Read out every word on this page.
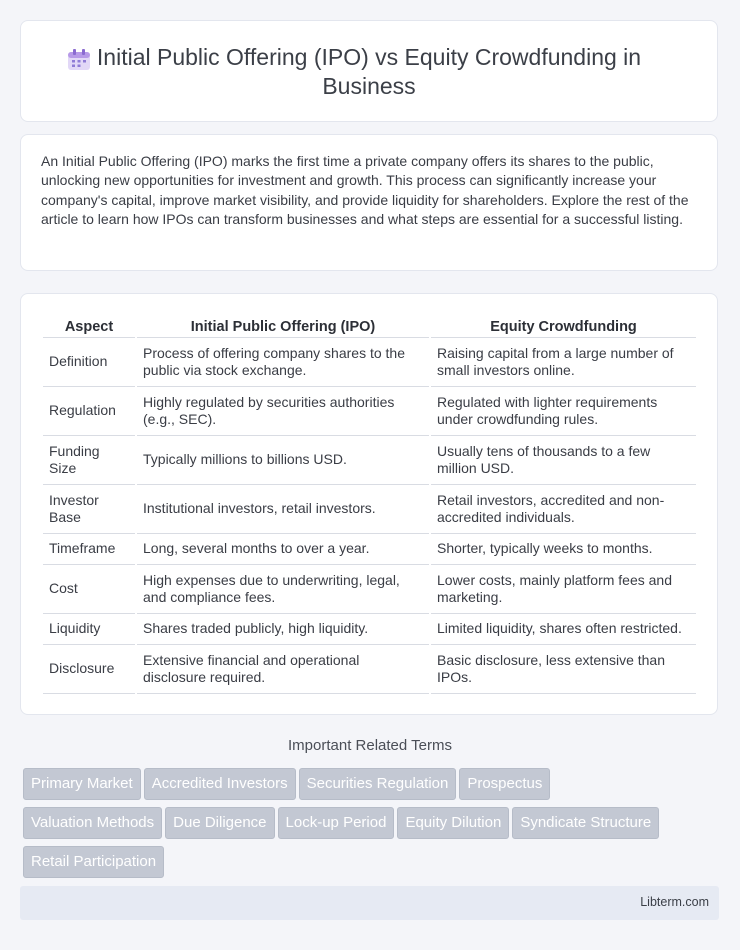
Initial Public Offering (IPO) vs Equity Crowdfunding in Business

An Initial Public Offering (IPO) marks the first time a private company offers its shares to the public, unlocking new opportunities for investment and growth. This process can significantly increase your company's capital, improve market visibility, and provide liquidity for shareholders. Explore the rest of the article to learn how IPOs can transform businesses and what steps are essential for a successful listing.

Aspect	Initial Public Offering (IPO)	Equity Crowdfunding
Definition	Process of offering company shares to the public via stock exchange.	Raising capital from a large number of small investors online.
Regulation	Highly regulated by securities authorities (e.g., SEC).	Regulated with lighter requirements under crowdfunding rules.
Funding Size	Typically millions to billions USD.	Usually tens of thousands to a few million USD.
Investor Base	Institutional investors, retail investors.	Retail investors, accredited and non-accredited individuals.
Timeframe	Long, several months to over a year.	Shorter, typically weeks to months.
Cost	High expenses due to underwriting, legal, and compliance fees.	Lower costs, mainly platform fees and marketing.
Liquidity	Shares traded publicly, high liquidity.	Limited liquidity, shares often restricted.
Disclosure	Extensive financial and operational disclosure required.	Basic disclosure, less extensive than IPOs.
Important Related Terms
Primary Market Accredited Investors Securities Regulation Prospectus
Valuation Methods Due Diligence Lock-up Period Equity Dilution Syndicate Structure
Retail Participation
Libterm.com
